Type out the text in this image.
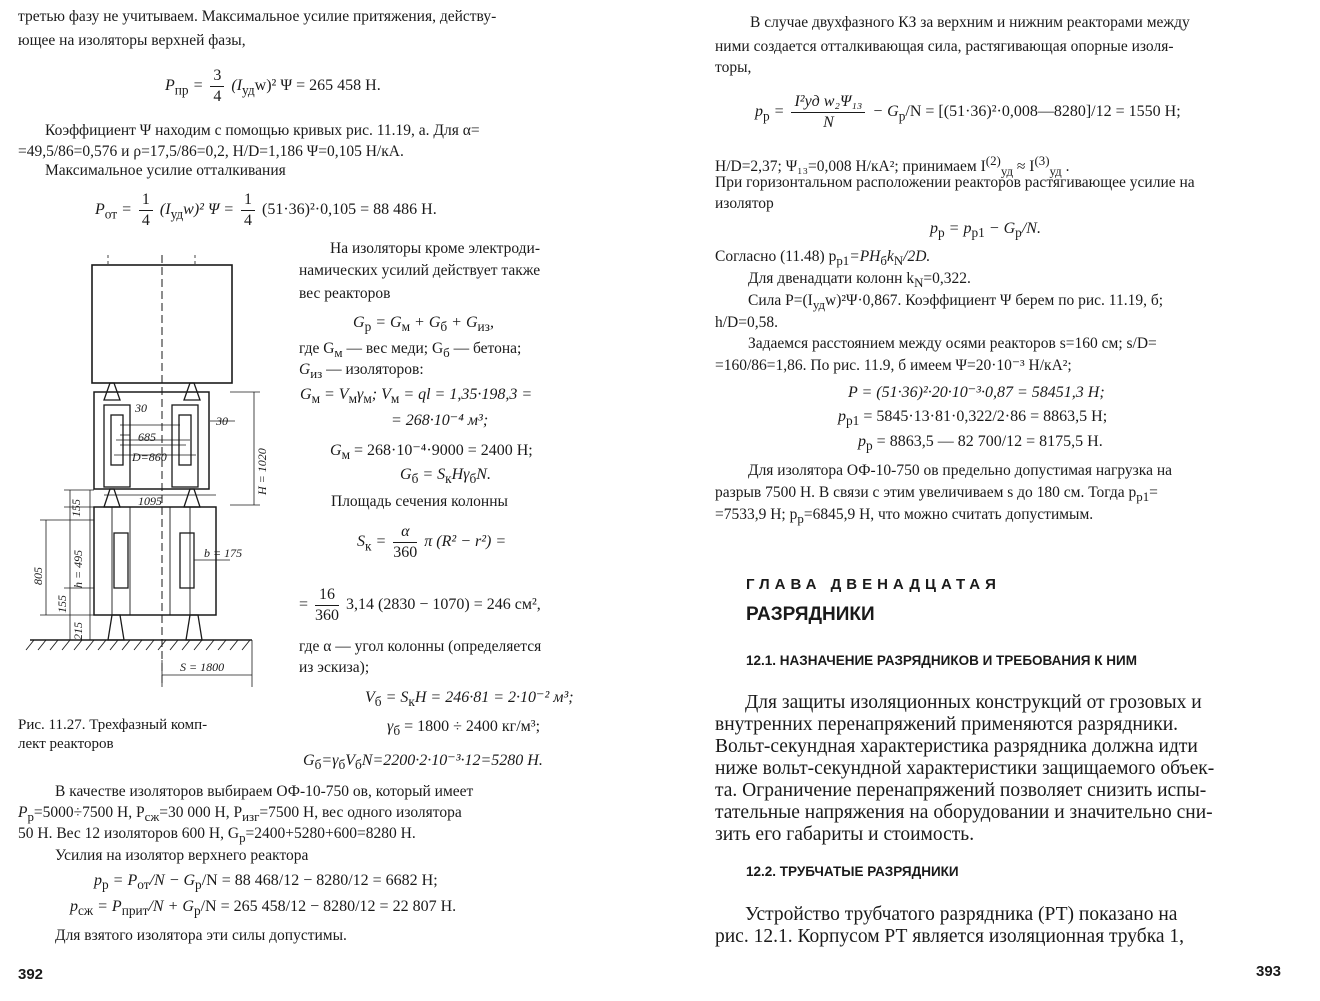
третью фазу не учитываем. Максимальное усилие притяжения, действу-
ющее на изоляторы верхней фазы,
$P_{пр} = \frac{3}{4} (I_{уд}w)^2$ Ψ = 265 458 Н.
Коэффициент Ψ находим с помощью кривых рис. 11.19, а. Для α=
=49,5/86=0,576 и ρ=17,5/86=0,2, H/D=1,186 Ψ=0,105 Н/кА.
Максимальное усилие отталкивания
$P_{от} = \frac{1}{4} (I_{уд}w)^2$ $\Psi = \frac{1}{4} (51\cdot 36)^2\cdot 0,105 = 88$ 486 Н.
30
30
685
D=860
1095
H = 1020
155
805 h = 495
155
b = 175
215
S = 1800
На изоляторы кроме электроди-
намических усилий действует также
вес реакторов
$G_р = G_м + G_б + G_{из}$,
где $G_м$ — вес меди; $G_б$ — бетона;
$G_{из}$ — изоляторов:
$G_м = V_м\gamma_м$; $V_м$ = ql = 1,35·198,3 =
= 268·10⁻⁴ м³;
$G_м = 268\cdot 10^{-4}\cdot 9000 = 2400$ Н;
$G_б = S_кH\gamma_бN$.
Площадь сечения колонны
$S_к = \frac{\alpha}{360}$ π (R² − r²) =
= $\frac{16}{360} 3,14$ (2830 − 1070) = 246 см²,
где α — угол колонны (определяется
из эскиза);
$V_б = S_кH = 246\cdot 81 = 2\cdot 10^{-2}$ м³;
$\gamma_б = 1800 \div 2400$ кг/м³;
$G_б=\gamma_бV_бN=2200\cdot 2\cdot 10^{-3}\cdot 12=5280$ Н.
Рис. 11.27. Трехфазный комп-
лект реакторов
В качестве изоляторов выбираем ОФ-10-750 ов, который имеет
$P_р=5000\div 7500$ Н, $P_{сж}=30$ 000 Н, $P_{изг}=7500$ Н, вес одного изолятора
50 Н. Вес 12 изоляторов 600 Н, $G_р=2400+5280+600=8280$ Н.
Усилия на изолятор верхнего реактора
$p_р = P_{от}/N - G_р/N = 88$ 468/12 − 8280/12 = 6682 Н;
$p_{сж} = P_{прит}/N + G_р/N = 265$ 458/12 − 8280/12 = 22 807 Н.
Для взятого изолятора эти силы допустимы.
392
В случае двухфазного КЗ за верхним и нижним реакторами между
ними создается отталкивающая сила, растягивающая опорные изоля-
торы,
$p_р = \frac{\text{I²уд w₂Ψ₁₃}}{N} - G_р/N$ = [(51·36)²·0,008—8280]/12 = 1550 Н;
H/D=2,37; Ψ₁₃=0,008 Н/кА²; принимаем $I^{(2)}_{уд} \approx I^{(3)}_{уд}$ .
При горизонтальном расположении реакторов растягивающее усилие на
изолятор
$p_р = p_{р1} - G_р/N$.
Согласно (11.48) $p_{р1}=PH_бk_N/2D$.
Для двенадцати колонн $k_N=0,322$.
Сила $P=(I_{уд}w)^2\Psi\cdot 0,867$. Коэффициент Ψ берем по рис. 11.19, б;
h/D=0,58.
Задаемся расстоянием между осями реакторов s=160 см; s/D=
=160/86=1,86. По рис. 11.9, б имеем Ψ=20·10⁻³ Н/кА²;
P = (51·36)²·20·10⁻³·0,87 = 58451,3 Н;
$p_{р1} = 5845\cdot 13\cdot 81\cdot 0,322/2\cdot 86 = 8863,5$ Н;
$p_р = 8863,5$ — 82 700/12 = 8175,5 Н.
Для изолятора ОФ-10-750 ов предельно допустимая нагрузка на
разрыв 7500 Н. В связи с этим увеличиваем s до 180 см. Тогда $p_{р1}=$
=7533,9 Н; $p_р=6845,9$ Н, что можно считать допустимым.
ГЛАВА ДВЕНАДЦАТАЯ
РАЗРЯДНИКИ
12.1. НАЗНАЧЕНИЕ РАЗРЯДНИКОВ И ТРЕБОВАНИЯ К НИМ
Для защиты изоляционных конструкций от грозовых и
внутренних перенапряжений применяются разрядники.
Вольт-секундная характеристика разрядника должна идти
ниже вольт-секундной характеристики защищаемого объек-
та. Ограничение перенапряжений позволяет снизить испы-
тательные напряжения на оборудовании и значительно сни-
зить его габариты и стоимость.
12.2. ТРУБЧАТЫЕ РАЗРЯДНИКИ
Устройство трубчатого разрядника (РТ) показано на
рис. 12.1. Корпусом РТ является изоляционная трубка 1,
393
